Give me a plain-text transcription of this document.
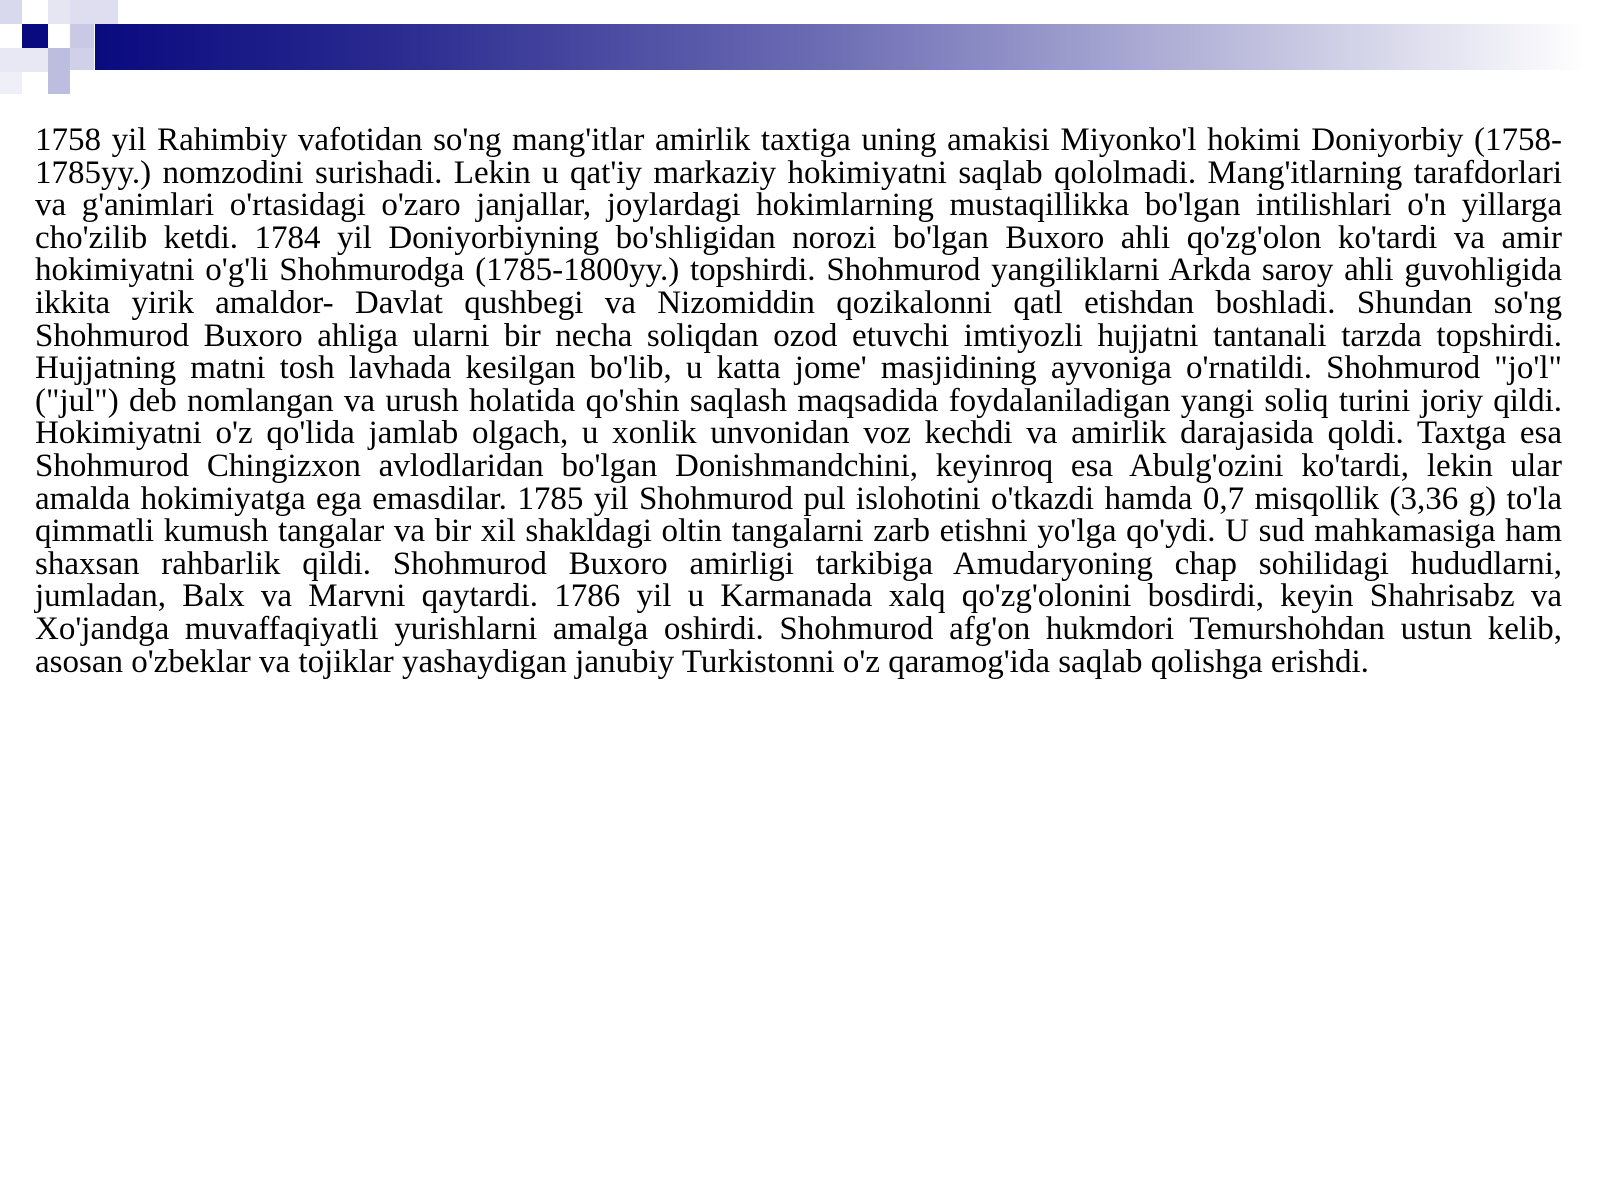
1758 yil Rahimbiy vafotidan so'ng mang'itlar amirlik taxtiga uning amakisi Miyonko'l hokimi Doniyorbiy (1758-1785yy.) nomzodini surishadi. Lekin u qat'iy markaziy hokimiyatni saqlab qololmadi. Mang'itlarning tarafdorlari va g'animlari o'rtasidagi o'zaro janjallar, joylardagi hokimlarning mustaqillikka bo'lgan intilishlari o'n yillarga cho'zilib ketdi. 1784 yil Doniyorbiyning bo'shligidan norozi bo'lgan Buxoro ahli qo'zg'olon ko'tardi va amir hokimiyatni o'g'li Shohmurodga (1785-1800yy.) topshirdi. Shohmurod yangiliklarni Arkda saroy ahli guvohligida ikkita yirik amaldor- Davlat qushbegi va Nizomiddin qozikalonni qatl etishdan boshladi. Shundan so'ng Shohmurod Buxoro ahliga ularni bir necha soliqdan ozod etuvchi imtiyozli hujjatni tantanali tarzda topshirdi. Hujjatning matni tosh lavhada kesilgan bo'lib, u katta jome' masjidining ayvoniga o'rnatildi. Shohmurod "jo'l"("jul") deb nomlangan va urush holatida qo'shin saqlash maqsadida foydalaniladigan yangi soliq turini joriy qildi. Hokimiyatni o'z qo'lida jamlab olgach, u xonlik unvonidan voz kechdi va amirlik darajasida qoldi. Taxtga esa Shohmurod Chingizxon avlodlaridan bo'lgan Donishmandchini, keyinroq esa Abulg'ozini ko'tardi, lekin ular amalda hokimiyatga ega emasdilar. 1785 yil Shohmurod pul islohotini o'tkazdi hamda 0,7 misqollik (3,36 g) to'la qimmatli kumush tangalar va bir xil shakldagi oltin tangalarni zarb etishni yo'lga qo'ydi. U sud mahkamasiga ham shaxsan rahbarlik qildi. Shohmurod Buxoro amirligi tarkibiga Amudaryoning chap sohilidagi hududlarni, jumladan, Balx va Marvni qaytardi. 1786 yil u Karmanada xalq qo'zg'olonini bosdirdi, keyin Shahrisabz va Xo'jandga muvaffaqiyatli yurishlarni amalga oshirdi. Shohmurod afg'on hukmdori Temurshohdan ustun kelib, asosan o'zbeklar va tojiklar yashaydigan janubiy Turkistonni o'z qaramog'ida saqlab qolishga erishdi.
